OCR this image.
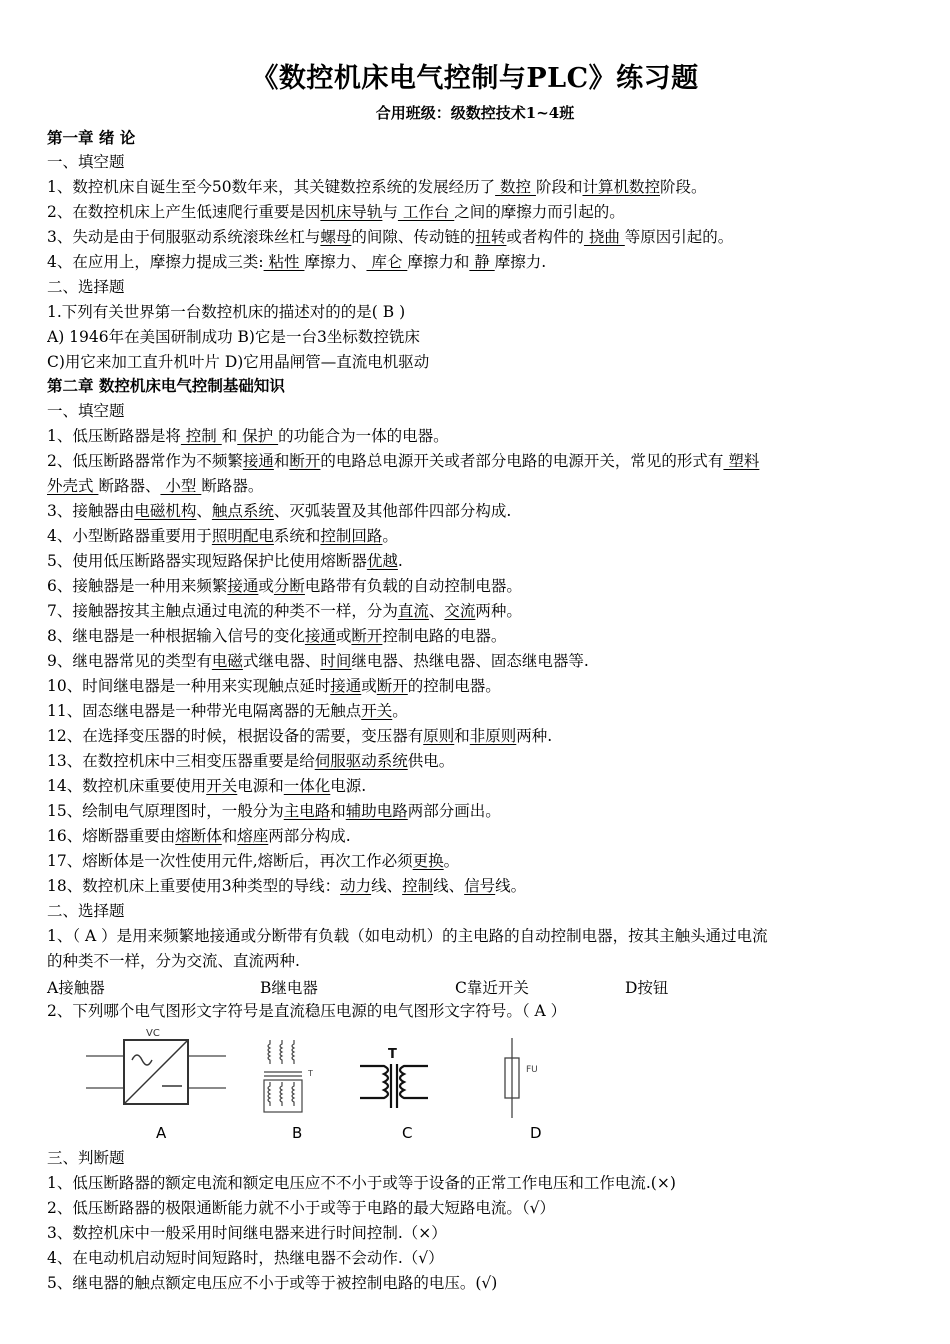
《数控机床电气控制与PLC》练习题
合用班级：级数控技术1~4班
第一章 绪 论
一、填空题
1、数控机床自诞生至今50数年来，其关键数控系统的发展经历了 数控 阶段和计算机数控阶段。
2、在数控机床上产生低速爬行重要是因机床导轨与 工作台 之间的摩擦力而引起的。
3、失动是由于伺服驱动系统滚珠丝杠与螺母的间隙、传动链的扭转或者构件的 挠曲 等原因引起的。
4、在应用上，摩擦力提成三类: 粘性 摩擦力、 库仑 摩擦力和 静 摩擦力.
二、选择题
1.下列有关世界第一台数控机床的描述对的的是( B )
A) 1946年在美国研制成功 B)它是一台3坐标数控铣床
C)用它来加工直升机叶片 D)它用晶闸管—直流电机驱动
第二章 数控机床电气控制基础知识
一、填空题
1、低压断路器是将 控制 和 保护 的功能合为一体的电器。
2、低压断路器常作为不频繁接通和断开的电路总电源开关或者部分电路的电源开关，常见的形式有 塑料
外壳式 断路器、 小型 断路器。
3、接触器由电磁机构、触点系统、灭弧装置及其他部件四部分构成.
4、小型断路器重要用于照明配电系统和控制回路。
5、使用低压断路器实现短路保护比使用熔断器优越.
6、接触器是一种用来频繁接通或分断电路带有负载的自动控制电器。
7、接触器按其主触点通过电流的种类不一样，分为直流、交流两种。
8、继电器是一种根据输入信号的变化接通或断开控制电路的电器。
9、继电器常见的类型有电磁式继电器、时间继电器、热继电器、固态继电器等.
10、时间继电器是一种用来实现触点延时接通或断开的控制电器。
11、固态继电器是一种带光电隔离器的无触点开关。
12、在选择变压器的时候，根据设备的需要，变压器有原则和非原则两种.
13、在数控机床中三相变压器重要是给伺服驱动系统供电。
14、数控机床重要使用开关电源和一体化电源.
15、绘制电气原理图时，一般分为主电路和辅助电路两部分画出。
16、熔断器重要由熔断体和熔座两部分构成.
17、熔断体是一次性使用元件,熔断后，再次工作必须更换。
18、数控机床上重要使用3种类型的导线：动力线、控制线、信号线。
二、选择题
1、（ A ）是用来频繁地接通或分断带有负载（如电动机）的主电路的自动控制电器，按其主触头通过电流
的种类不一样，分为交流、直流两种.
A接触器	B继电器	C靠近开关	D按钮
2、下列哪个电气图形文字符号是直流稳压电源的电气图形文字符号。（ A ）
VC
T
T
FU
A	B	C	D
三、判断题
1、低压断路器的额定电流和额定电压应不不小于或等于设备的正常工作电压和工作电流.(×)
2、低压断路器的极限通断能力就不小于或等于电路的最大短路电流。（√）
3、数控机床中一般采用时间继电器来进行时间控制.（×）
4、在电动机启动短时间短路时，热继电器不会动作.（√）
5、继电器的触点额定电压应不小于或等于被控制电路的电压。(√)
